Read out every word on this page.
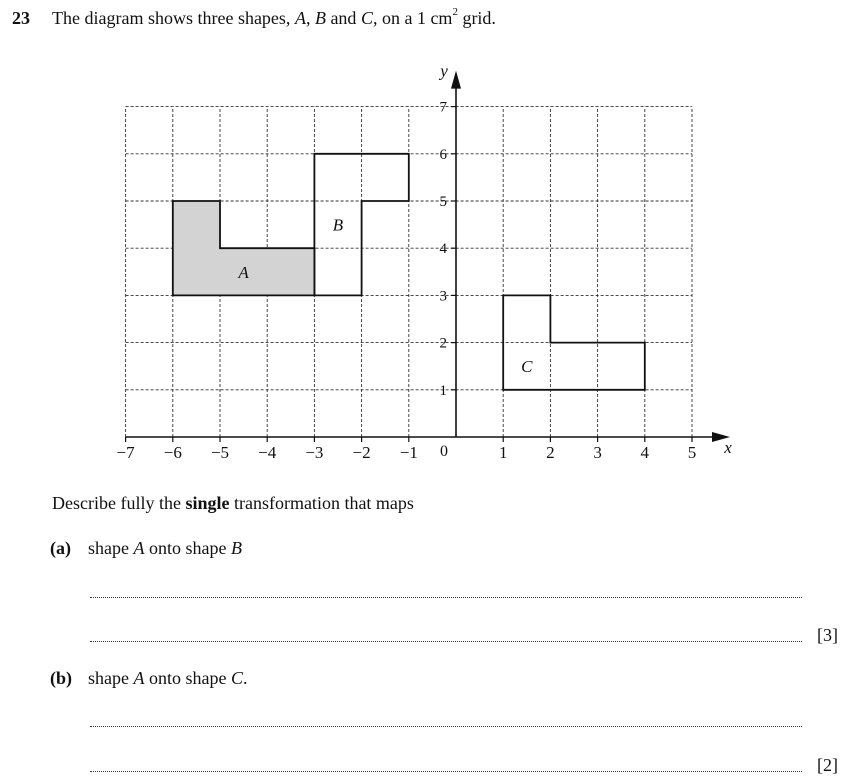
23 The diagram shows three shapes, A, B and C, on a 1 $cm^2$ grid.
A
B
C
−7 −6 −5 −4 −3 −2 −1	1 2 3 4 5
1
2
3
4
5
6
7
0	x
y
Describe fully the single transformation that maps
(a) shape A onto shape B
[3]
(b) shape A onto shape C.
[2]
